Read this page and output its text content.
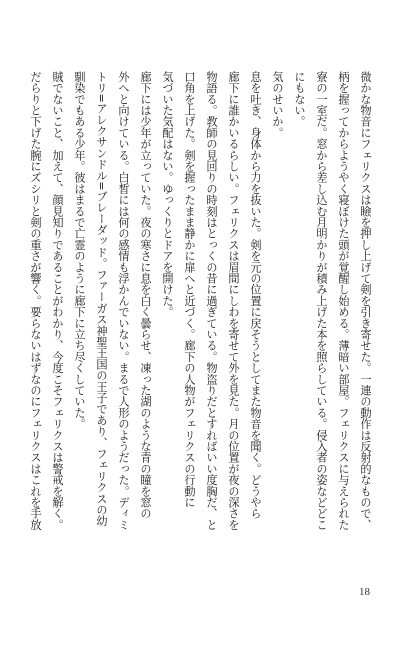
微かな物音にフェリクスは瞼を押し上げて剣を引き寄せた。一連の動作は反射的なもので、

柄を握ってからようやく寝ぼけた頭が覚醒し始める。薄暗い部屋。フェリクスに与えられた

寮の一室だ。窓から差し込む月明かりが積み上げた本を照らしている。侵入者の姿などどこ

にもない。

気のせいか。

息を吐き、身体から力を抜いた。剣を元の位置に戻そうとしてまた物音を聞く。どうやら

廊下に誰かいるらしい。フェリクスは眉間にしわを寄せて外を見た。月の位置が夜の深さを

物語る。教師の見回りの時刻はとっくの昔に過ぎている。物盗りだとすればいい度胸だ、と

口角を上げた。剣を握ったまま静かに扉へと近づく。廊下の人物がフェリクスの行動に

気づいた気配はない。ゆっくりとドアを開けた。

廊下には少年が立っていた。夜の寒さに息を白く曇らせ、凍った湖のような青の瞳を窓の

外へと向けている。白皙には何の感情も浮かんでいない。まるで人形のようだった。ディミ

トリ=アレクサンドル=ブレーダッド。ファーガス神聖王国の王子であり、フェリクスの幼

馴染でもある少年。彼はまるで亡霊のように廊下に立ち尽くしていた。

賊でないこと、加えて、顔見知りであることがわかり、今度こそフェリクスは警戒を解く。

だらりと下げた腕にズシリと剣の重さが響く。要らないはずなのにフェリクスはこれを手放

18
